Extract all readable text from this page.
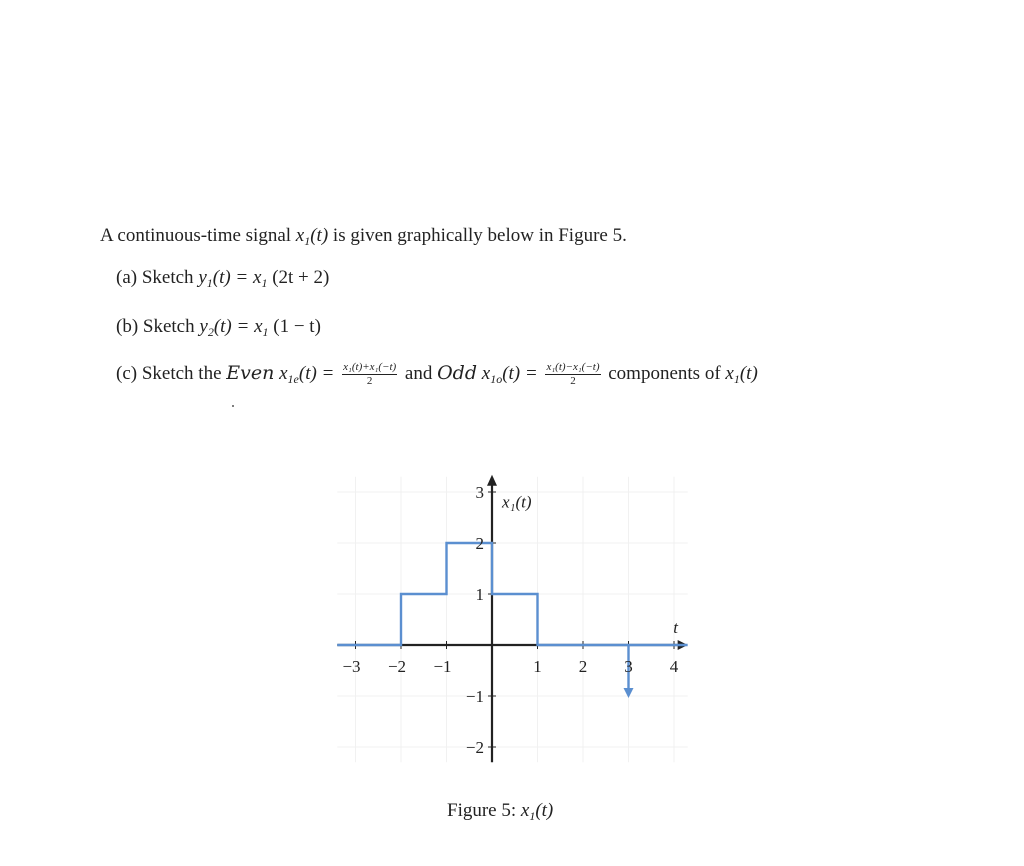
A continuous-time signal $x_1(t)$ is given graphically below in Figure 5.
(a) Sketch $y_1(t) = x_1$ (2t + 2)
(b) Sketch $y_2(t) = x_1$ (1 − t)
(c) Sketch the Even $x_{1e}(t) = \frac{\text{x₁(t)+x₁(−t)}}{2}$ and Odd $x_{1o}(t) = \frac{\text{x₁(t)−x₁(−t)}}{2}$ components of $x_1(t)$
−3 −2 −1	1 2 3 4
3
2
1
−1
−2
t
x₁(t)
Figure 5: $x_1(t)$
